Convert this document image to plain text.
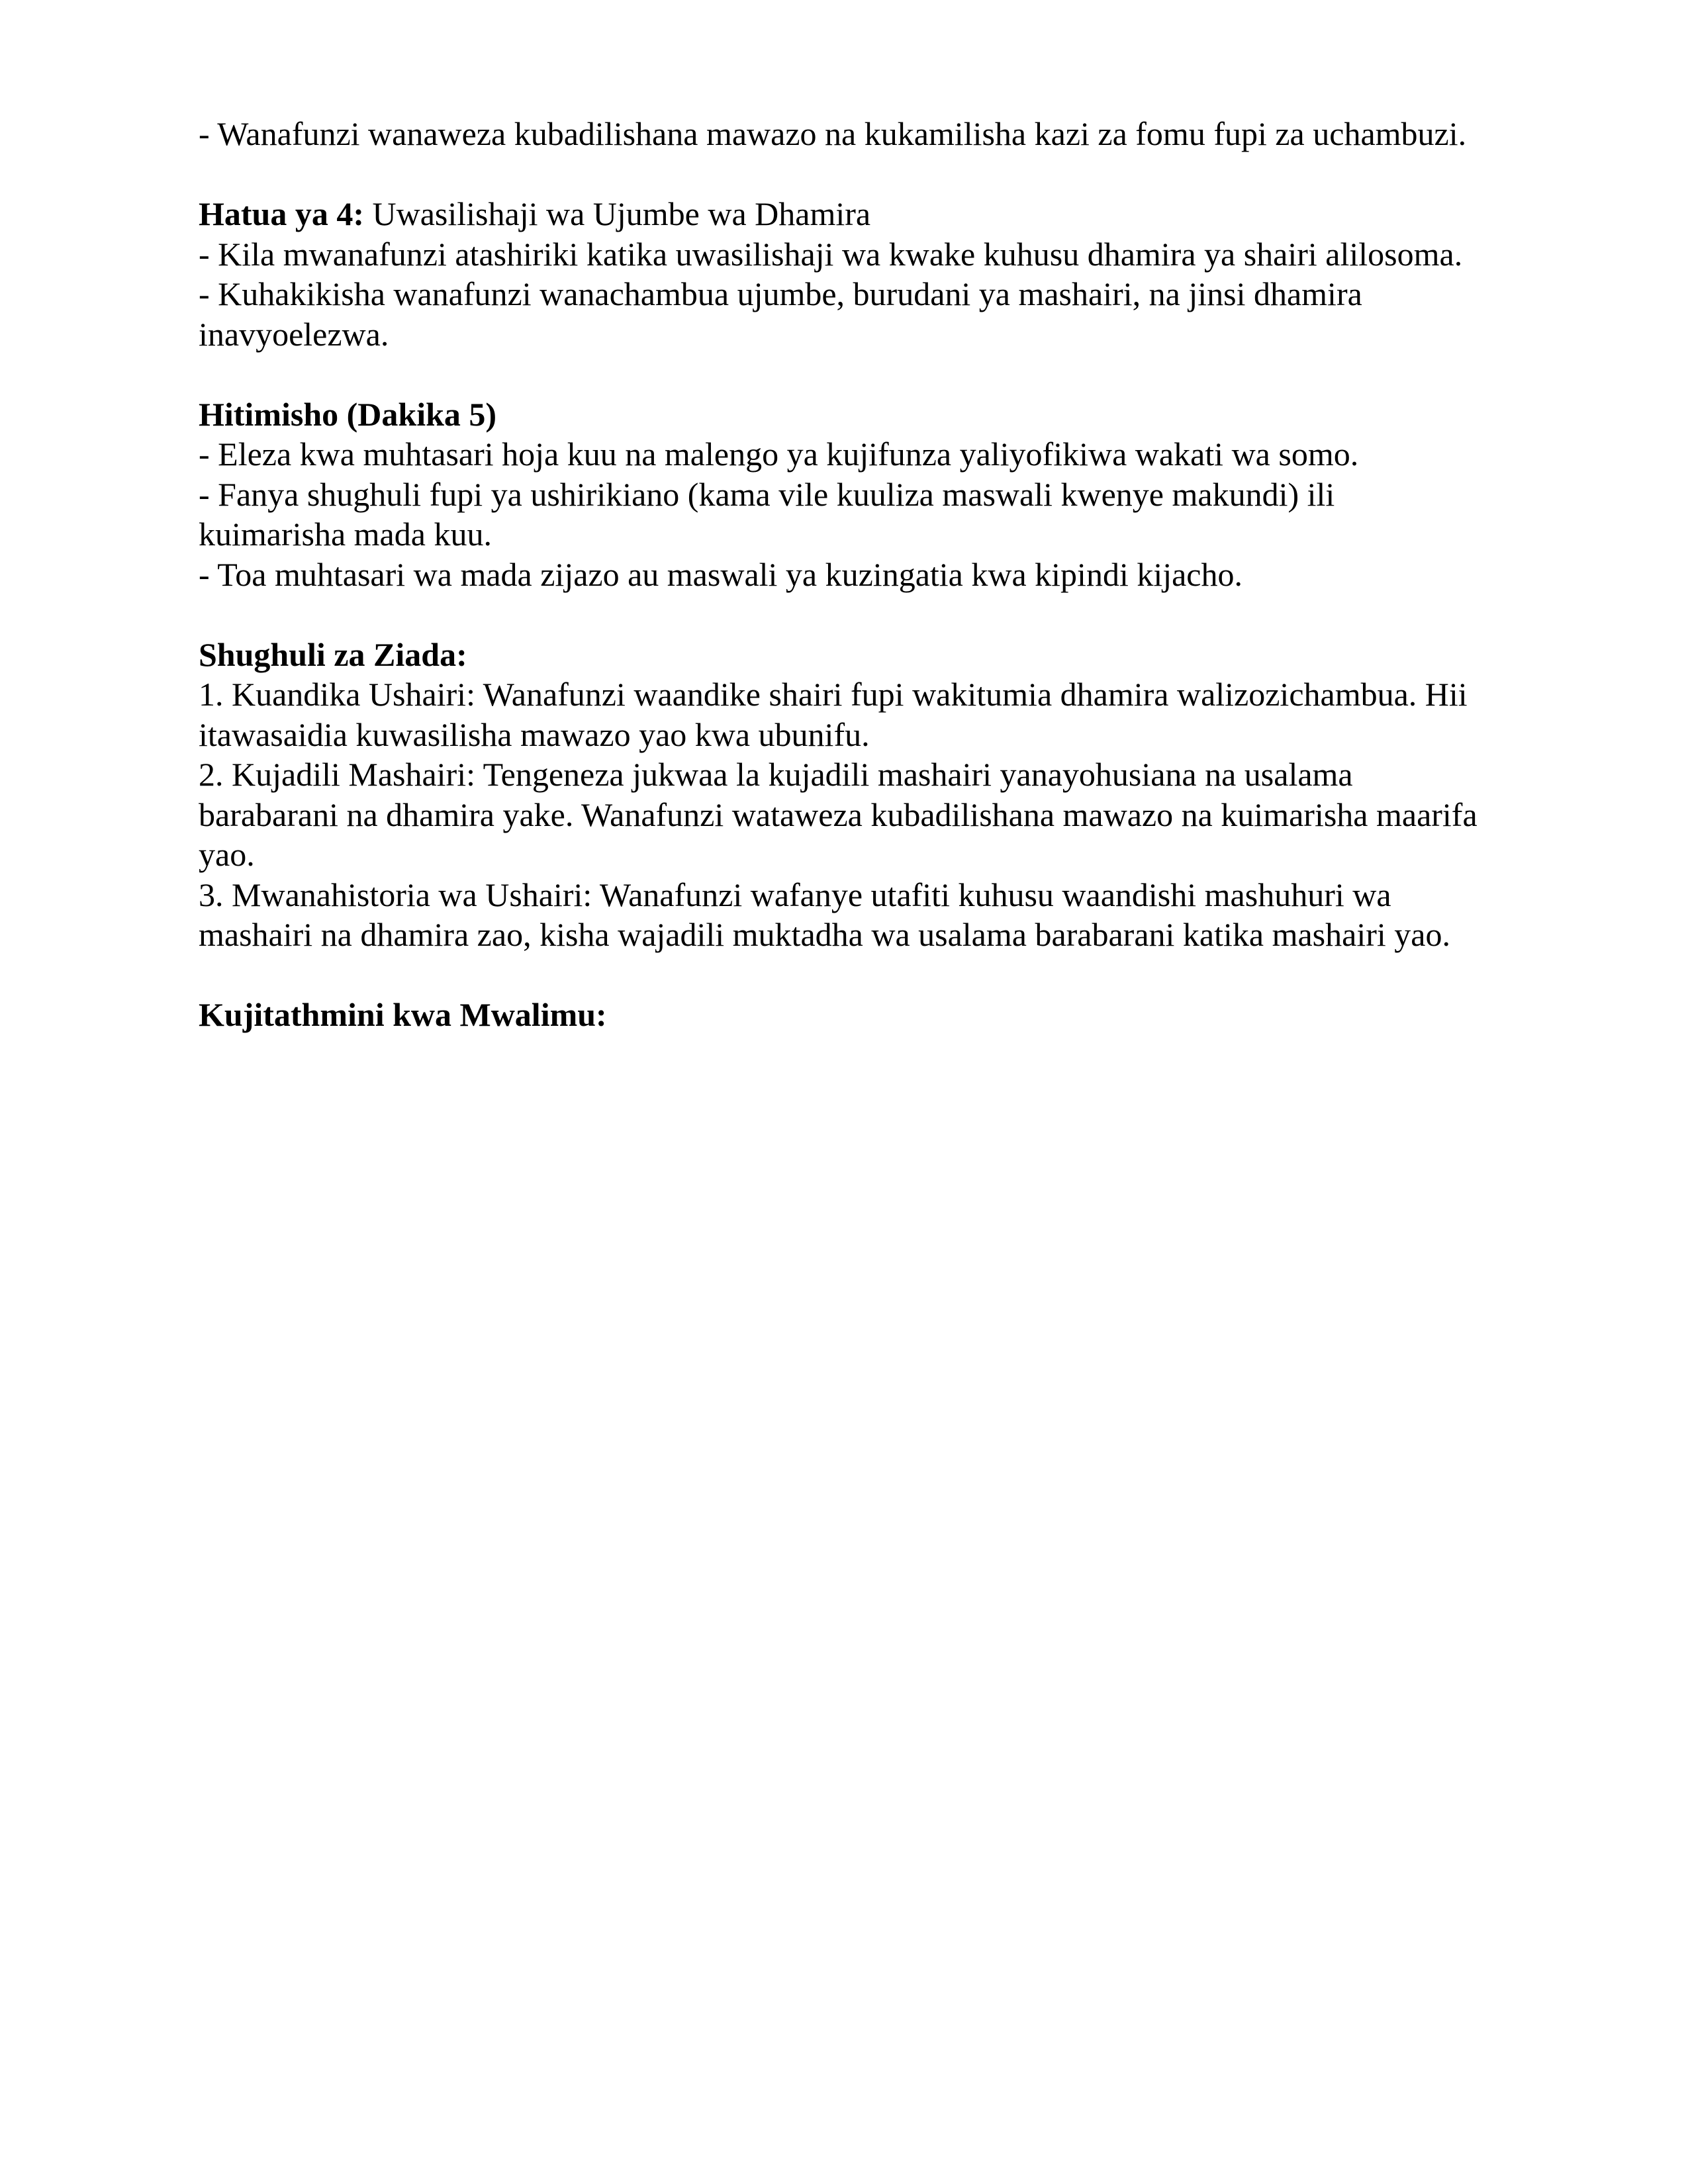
- Wanafunzi wanaweza kubadilishana mawazo na kukamilisha kazi za fomu fupi za uchambuzi.

Hatua ya 4: Uwasilishaji wa Ujumbe wa Dhamira
- Kila mwanafunzi atashiriki katika uwasilishaji wa kwake kuhusu dhamira ya shairi alilosoma.
- Kuhakikisha wanafunzi wanachambua ujumbe, burudani ya mashairi, na jinsi dhamira
inavyoelezwa.

Hitimisho (Dakika 5)
- Eleza kwa muhtasari hoja kuu na malengo ya kujifunza yaliyofikiwa wakati wa somo.
- Fanya shughuli fupi ya ushirikiano (kama vile kuuliza maswali kwenye makundi) ili
kuimarisha mada kuu.
- Toa muhtasari wa mada zijazo au maswali ya kuzingatia kwa kipindi kijacho.

Shughuli za Ziada:
1. Kuandika Ushairi: Wanafunzi waandike shairi fupi wakitumia dhamira walizozichambua. Hii
itawasaidia kuwasilisha mawazo yao kwa ubunifu.
2. Kujadili Mashairi: Tengeneza jukwaa la kujadili mashairi yanayohusiana na usalama
barabarani na dhamira yake. Wanafunzi wataweza kubadilishana mawazo na kuimarisha maarifa
yao.
3. Mwanahistoria wa Ushairi: Wanafunzi wafanye utafiti kuhusu waandishi mashuhuri wa
mashairi na dhamira zao, kisha wajadili muktadha wa usalama barabarani katika mashairi yao.

Kujitathmini kwa Mwalimu:
